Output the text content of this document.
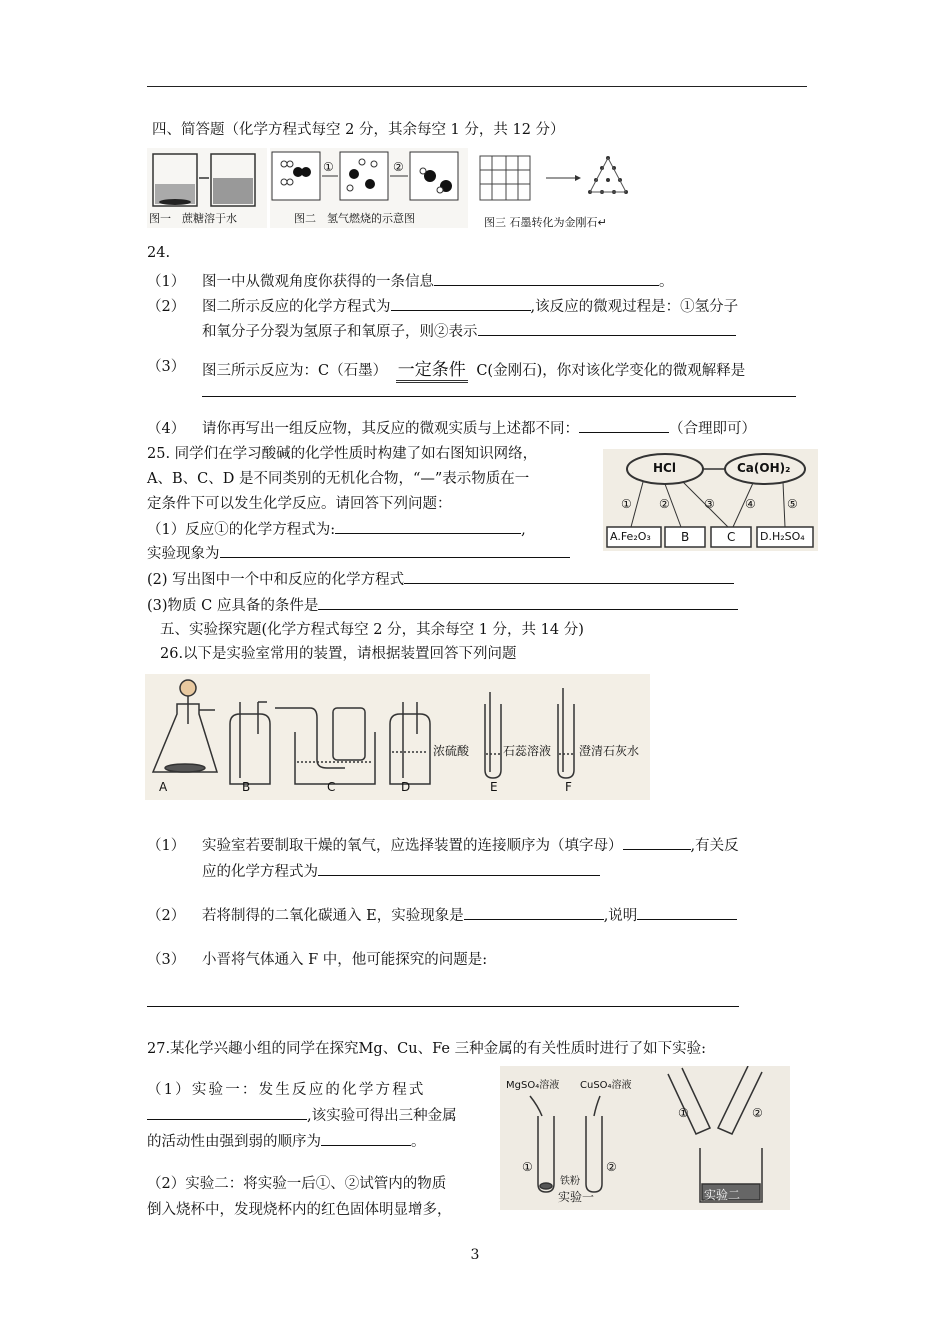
四、简答题（化学方程式每空 2 分，其余每空 1 分，共 12 分）
图一　蔗糖溶于水
①	②
图二　氢气燃烧的示意图	图三 石墨转化为金刚石↵
24.
（1） 图一中从微观角度你获得的一条信息	。
（2） 图二所示反应的化学方程式为	,该反应的微观过程是：①氢分子
和氧分子分裂为氢原子和氧原子，则②表示
（3） 图三所示反应为：C（石墨） 一定条件 C(金刚石)，你对该化学变化的微观解释是
（4） 请你再写出一组反应物，其反应的微观实质与上述都不同：	（合理即可）
25. 同学们在学习酸碱的化学性质时构建了如右图知识网络，
A、B、C、D 是不同类别的无机化合物，“—”表示物质在一
定条件下可以发生化学反应。请回答下列问题：
（1）反应①的化学方程式为:	,
实验现象为
(2) 写出图中一个中和反应的化学方程式
(3)物质 C 应具备的条件是
HCl	Ca(OH)₂
① ②	③	④	⑤
A.Fe₂O₃	B	C D.H₂SO₄
五、实验探究题(化学方程式每空 2 分，其余每空 1 分，共 14 分)
26.以下是实验室常用的装置，请根据装置回答下列问题
A	B	C	D	E	F
浓硫酸	石蕊溶液 澄清石灰水
（1） 实验室若要制取干燥的氧气，应选择装置的连接顺序为（填字母）	,有关反
应的化学方程式为
（2） 若将制得的二氧化碳通入 E，实验现象是	,说明
（3） 小晋将气体通入 F 中，他可能探究的问题是:
27.某化学兴趣小组的同学在探究Mg、Cu、Fe 三种金属的有关性质时进行了如下实验:
（1）实验一：发生反应的化学方程式
,该实验可得出三种金属
的活动性由强到弱的顺序为	。
（2）实验二：将实验一后①、②试管内的物质
倒入烧杯中，发现烧杯内的红色固体明显增多，
MgSO₄溶液 CuSO₄溶液
①	②
铁粉
实验一
①	②
实验二
3
